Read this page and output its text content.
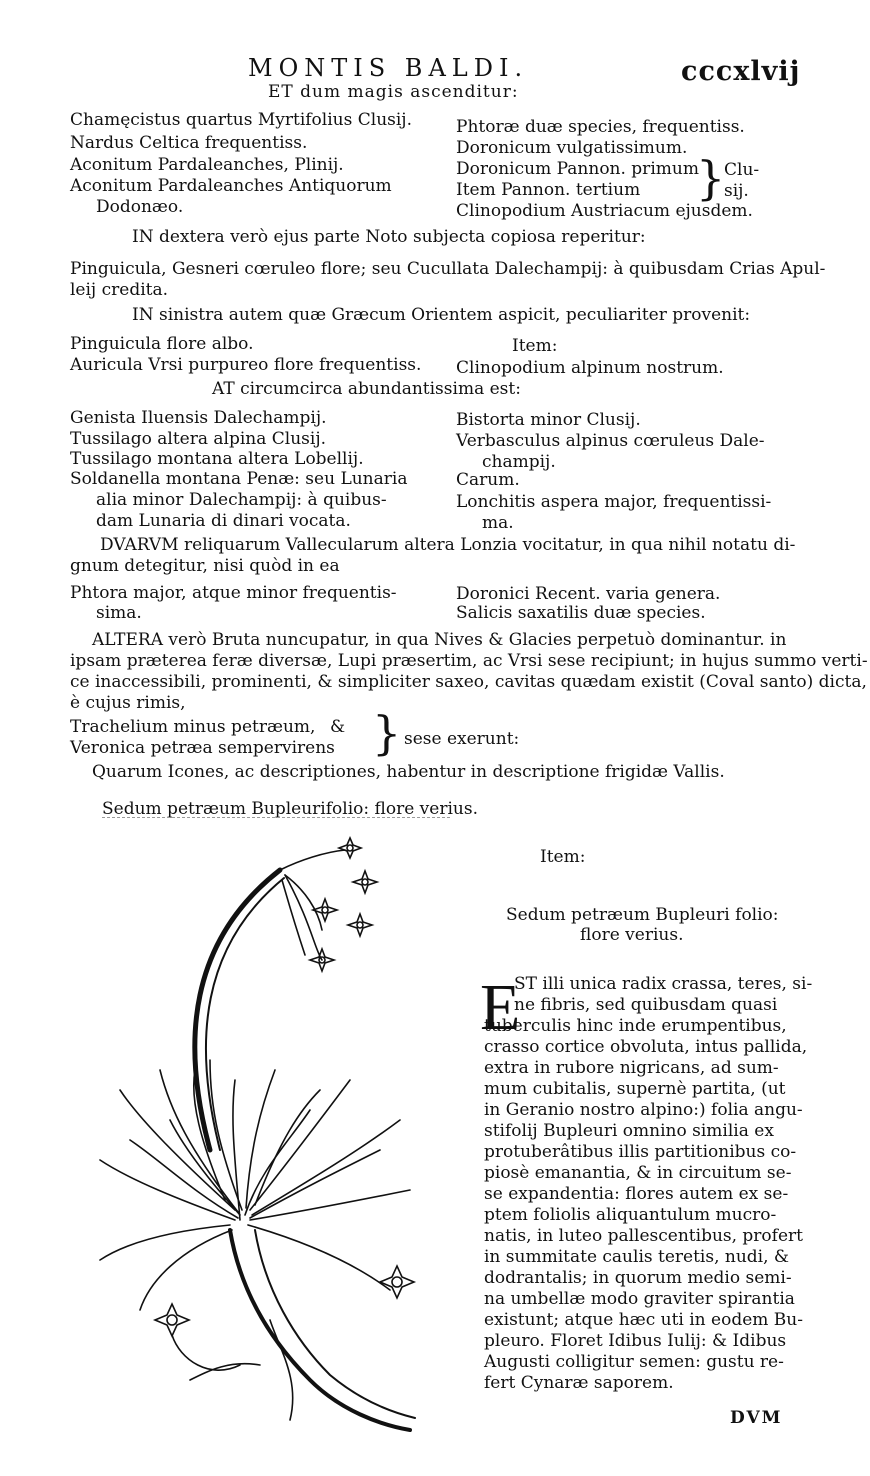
MONTIS BALDI.	cccxlvij
ET dum magis ascenditur:
Chamęcistus quartus Myrtifolius Clusij.
Nardus Celtica frequentiss.
Aconitum Pardaleanches, Plinij.
Aconitum Pardaleanches Antiquorum
Dodonæo.
Phtoræ duæ species, frequentiss.
Doronicum vulgatissimum.
Doronicum Pannon. primum
Item Pannon. tertium
Clinopodium Austriacum ejusdem.
}
Clu-
sij.
IN dextera verò ejus parte Noto subjecta copiosa reperitur:
Pinguicula, Gesneri cœruleo flore; seu Cucullata Dalechampij: à quibusdam Crias Apul-
leij credita.
IN sinistra autem quæ Græcum Orientem aspicit, peculiariter provenit:
Pinguicula flore albo.
Auricula Vrsi purpureo flore frequentiss.
Item:
Clinopodium alpinum nostrum.
AT circumcirca abundantissima est:
Genista Iluensis Dalechampij.
Tussilago altera alpina Clusij.
Tussilago montana altera Lobellij.
Soldanella montana Penæ: seu Lunaria
alia minor Dalechampij: à quibus-
dam Lunaria di dinari vocata.
Bistorta minor Clusij.
Verbasculus alpinus cœruleus Dale-
champij.
Carum.
Lonchitis aspera major, frequentissi-
ma.
DVARVM reliquarum Vallecularum altera Lonzia vocitatur, in qua nihil notatu di-
gnum detegitur, nisi quòd in ea
Phtora major, atque minor frequentis-
sima.
Doronici Recent. varia genera.
Salicis saxatilis duæ species.
ALTERA verò Bruta nuncupatur, in qua Nives & Glacies perpetuò dominantur. in
ipsam præterea feræ diversæ, Lupi præsertim, ac Vrsi sese recipiunt; in hujus summo verti-
ce inaccessibili, prominenti, & simpliciter saxeo, cavitas quædam existit (Coval santo) dicta,
è cujus rimis,
Trachelium minus petræum,
Veronica petræa sempervirens
& } sese exerunt:
Quarum Icones, ac descriptiones, habentur in descriptione frigidæ Vallis.
Sedum petræum Bupleurifolio: flore verius.
Item:
Sedum petræum Bupleuri folio:
flore verius.
E
ST illi unica radix crassa, teres, si-
ne fibris, sed quibusdam quasi
tuberculis hinc inde erumpentibus,
crasso cortice obvoluta, intus pallida,
extra in rubore nigricans, ad sum-
mum cubitalis, supernè partita, (ut
in Geranio nostro alpino:) folia angu-
stifolij Bupleuri omnino similia ex
protuberâtibus illis partitionibus co-
piosè emanantia, & in circuitum se-
se expandentia: flores autem ex se-
ptem foliolis aliquantulum mucro-
natis, in luteo pallescentibus, profert
in summitate caulis teretis, nudi, &
dodrantalis; in quorum medio semi-
na umbellæ modo graviter spirantia
existunt; atque hæc uti in eodem Bu-
pleuro. Floret Idibus Iulij: & Idibus
Augusti colligitur semen: gustu re-
fert Cynaræ saporem.
DVM
